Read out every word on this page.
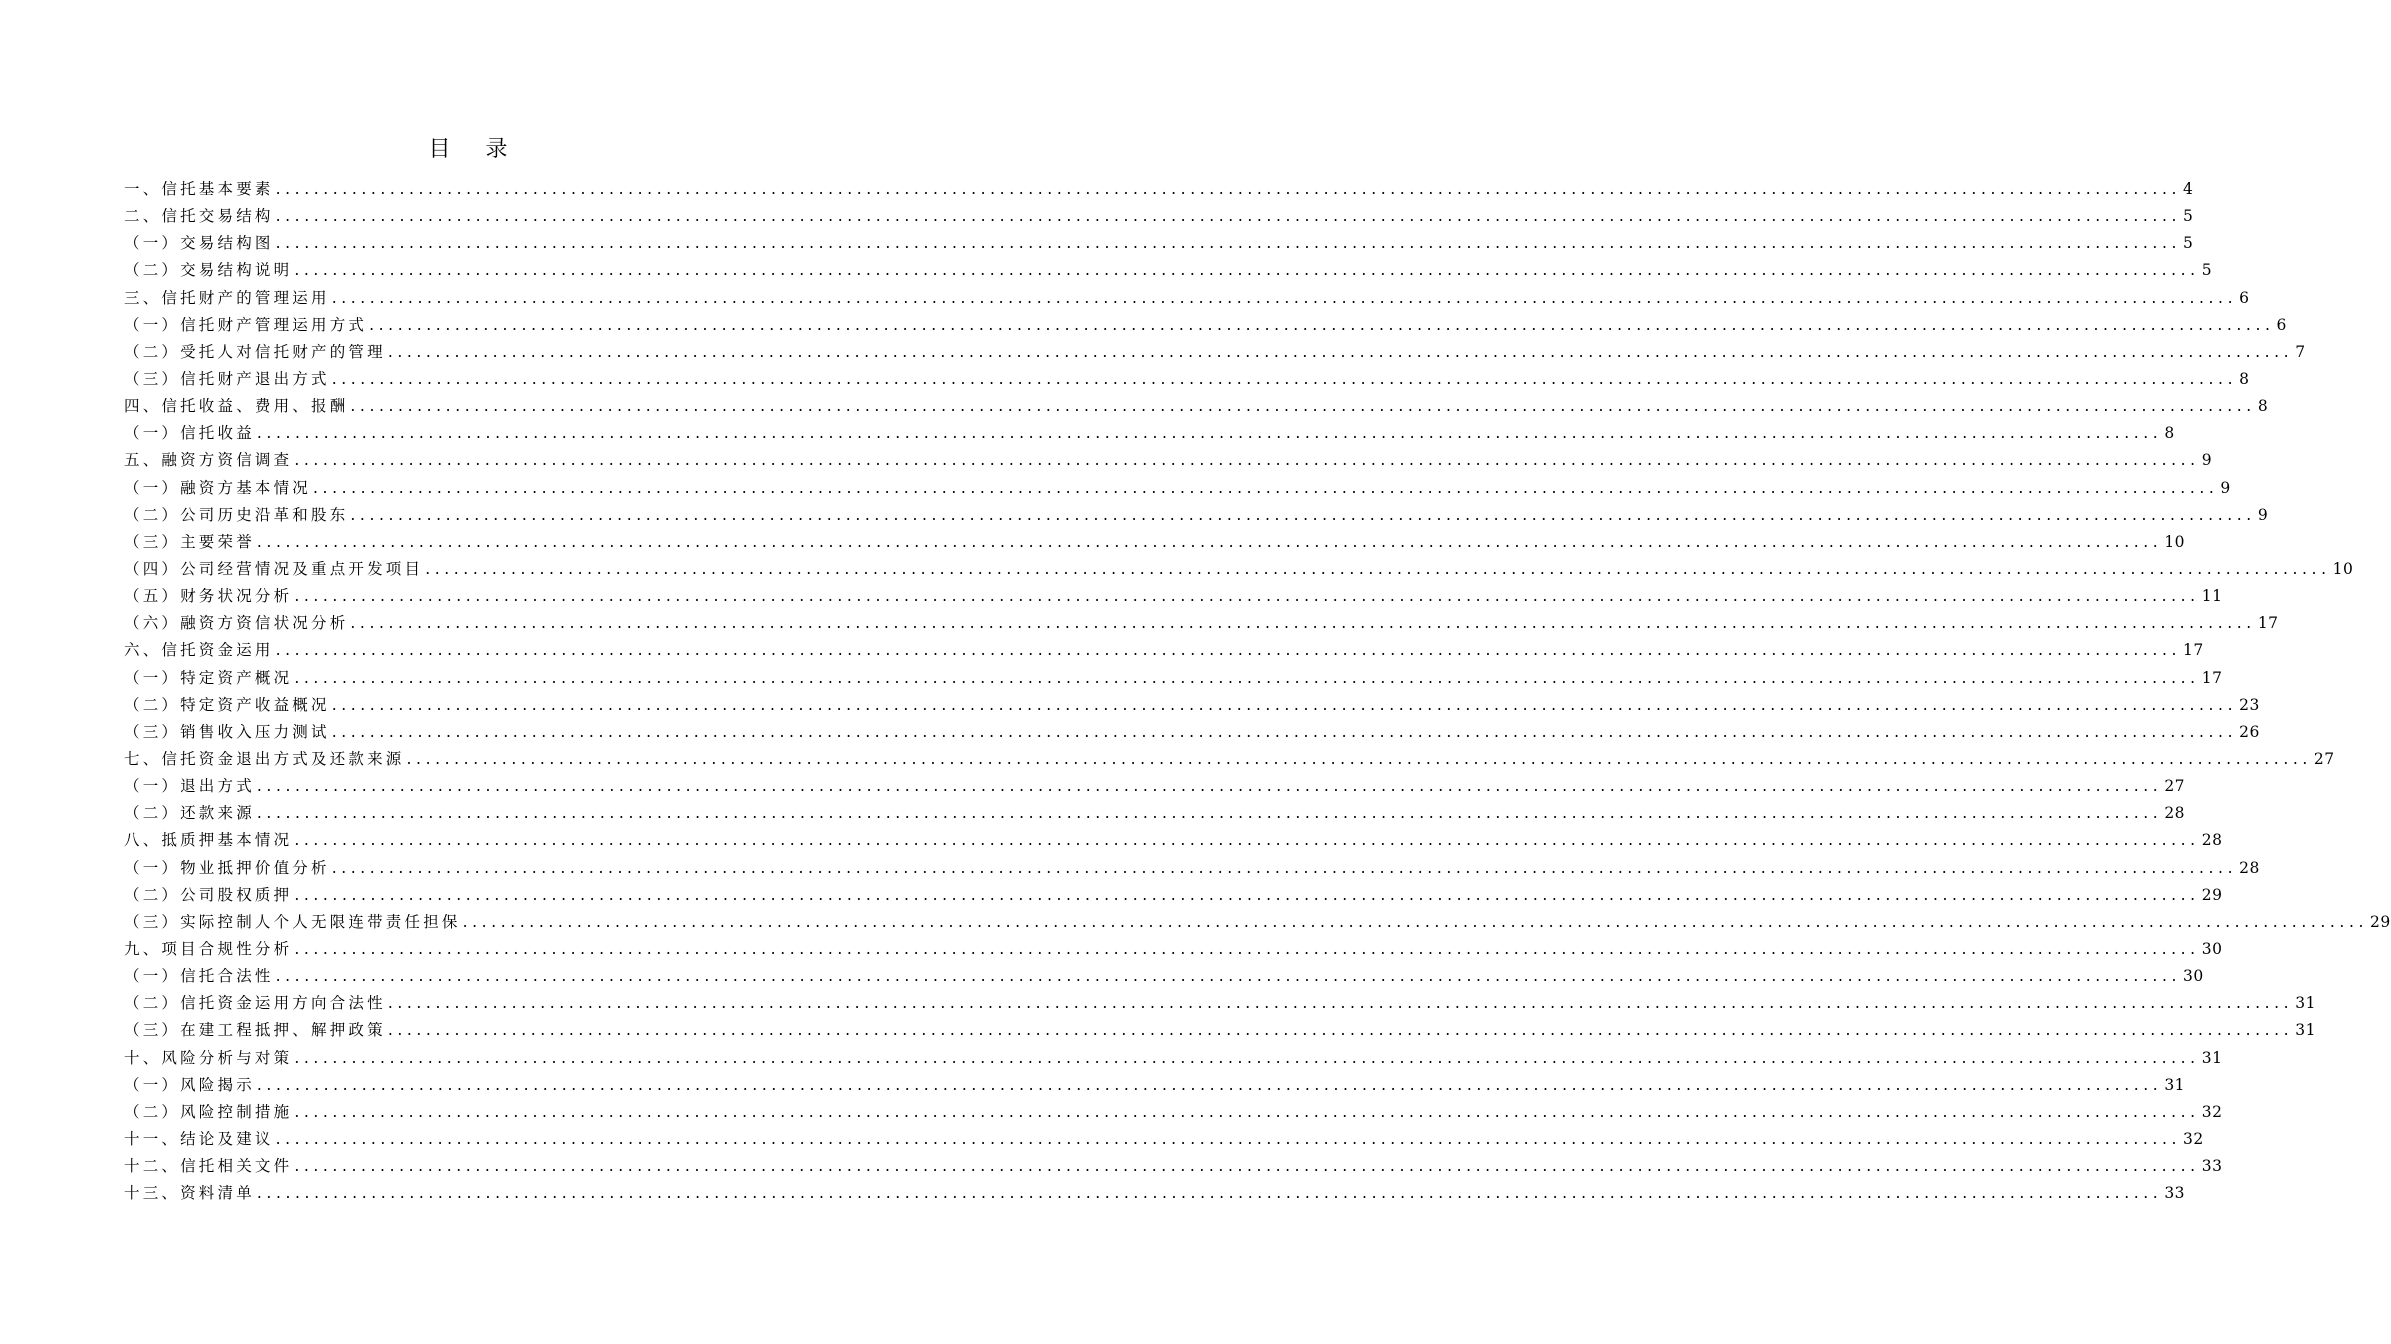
目 录
一、信托基本要素 ........................................................................................................................................................................................................ 4
二、信托交易结构 ........................................................................................................................................................................................................ 5
（一）交易结构图 ........................................................................................................................................................................................................ 5
（二）交易结构说明 ........................................................................................................................................................................................................ 5
三、信托财产的管理运用 ........................................................................................................................................................................................................ 6
（一）信托财产管理运用方式 ........................................................................................................................................................................................................ 6
（二）受托人对信托财产的管理 ........................................................................................................................................................................................................ 7
（三）信托财产退出方式 ........................................................................................................................................................................................................ 8
四、信托收益、费用、报酬 ........................................................................................................................................................................................................ 8
（一）信托收益 ........................................................................................................................................................................................................ 8
五、融资方资信调查 ........................................................................................................................................................................................................ 9
（一）融资方基本情况 ........................................................................................................................................................................................................ 9
（二）公司历史沿革和股东 ........................................................................................................................................................................................................ 9
（三）主要荣誉 ........................................................................................................................................................................................................ 10
（四）公司经营情况及重点开发项目 ........................................................................................................................................................................................................ 10
（五）财务状况分析 ........................................................................................................................................................................................................ 11
（六）融资方资信状况分析 ........................................................................................................................................................................................................ 17
六、信托资金运用 ........................................................................................................................................................................................................ 17
（一）特定资产概况 ........................................................................................................................................................................................................ 17
（二）特定资产收益概况 ........................................................................................................................................................................................................ 23
（三）销售收入压力测试 ........................................................................................................................................................................................................ 26
七、信托资金退出方式及还款来源 ........................................................................................................................................................................................................ 27
（一）退出方式 ........................................................................................................................................................................................................ 27
（二）还款来源 ........................................................................................................................................................................................................ 28
八、抵质押基本情况 ........................................................................................................................................................................................................ 28
（一）物业抵押价值分析 ........................................................................................................................................................................................................ 28
（二）公司股权质押 ........................................................................................................................................................................................................ 29
（三）实际控制人个人无限连带责任担保 ........................................................................................................................................................................................................ 29
九、项目合规性分析 ........................................................................................................................................................................................................ 30
（一）信托合法性 ........................................................................................................................................................................................................ 30
（二）信托资金运用方向合法性 ........................................................................................................................................................................................................ 31
（三）在建工程抵押、解押政策 ........................................................................................................................................................................................................ 31
十、风险分析与对策 ........................................................................................................................................................................................................ 31
（一）风险揭示 ........................................................................................................................................................................................................ 31
（二）风险控制措施 ........................................................................................................................................................................................................ 32
十一、结论及建议 ........................................................................................................................................................................................................ 32
十二、信托相关文件 ........................................................................................................................................................................................................ 33
十三、资料清单 ........................................................................................................................................................................................................ 33
